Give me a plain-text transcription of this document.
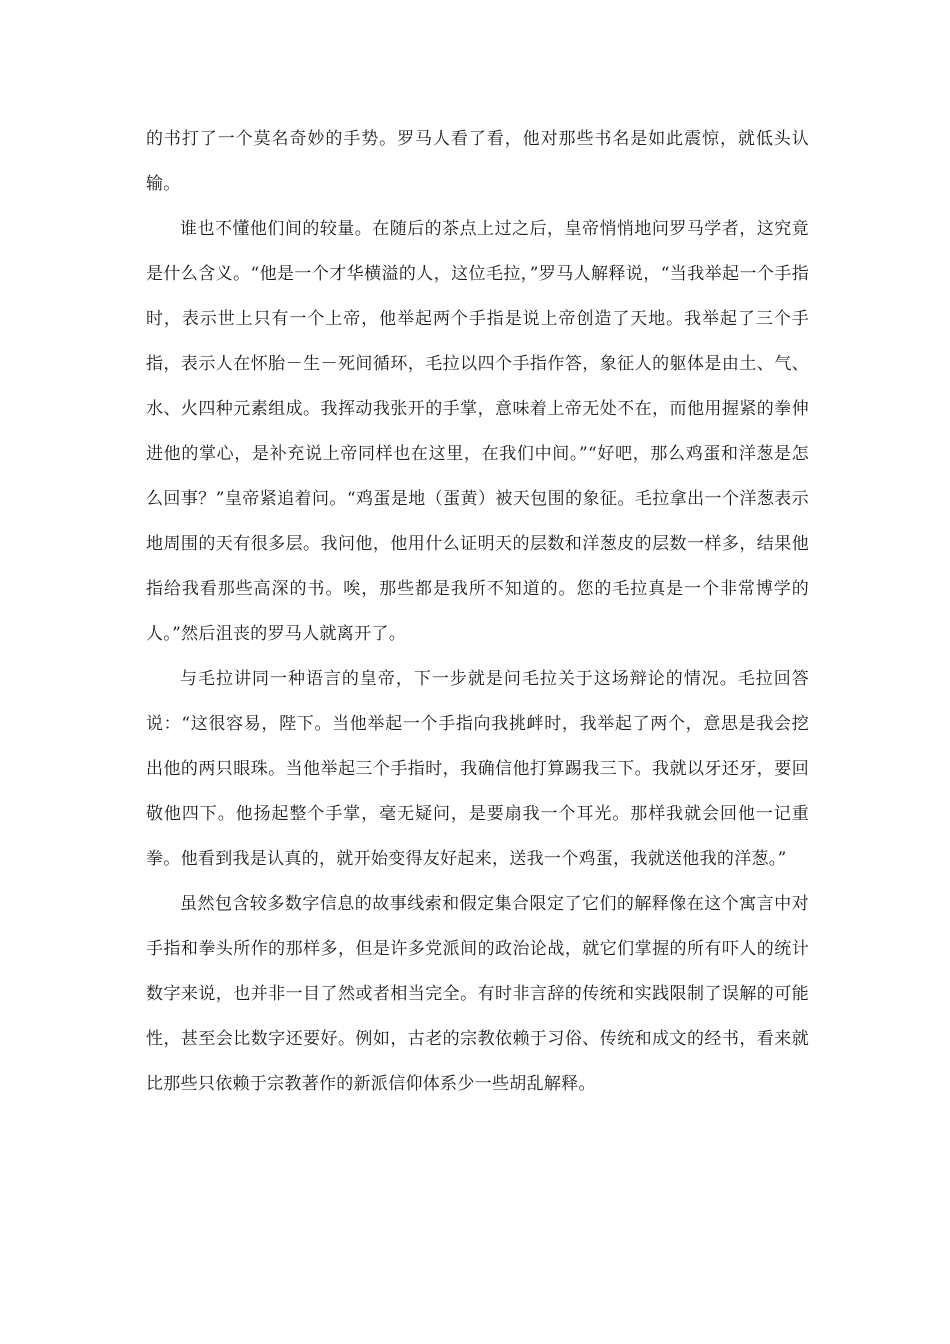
的书打了一个莫名奇妙的手势。罗马人看了看，他对那些书名是如此震惊，就低头认输。

谁也不懂他们间的较量。在随后的茶点上过之后，皇帝悄悄地问罗马学者，这究竟是什么含义。“他是一个才华横溢的人，这位毛拉，”罗马人解释说，“当我举起一个手指时，表示世上只有一个上帝，他举起两个手指是说上帝创造了天地。我举起了三个手指，表示人在怀胎－生－死间循环，毛拉以四个手指作答，象征人的躯体是由土、气、水、火四种元素组成。我挥动我张开的手掌，意味着上帝无处不在，而他用握紧的拳伸进他的掌心，是补充说上帝同样也在这里，在我们中间。”“好吧，那么鸡蛋和洋葱是怎么回事？”皇帝紧追着问。“鸡蛋是地（蛋黄）被天包围的象征。毛拉拿出一个洋葱表示地周围的天有很多层。我问他，他用什么证明天的层数和洋葱皮的层数一样多，结果他指给我看那些高深的书。唉，那些都是我所不知道的。您的毛拉真是一个非常博学的人。”然后沮丧的罗马人就离开了。

与毛拉讲同一种语言的皇帝，下一步就是问毛拉关于这场辩论的情况。毛拉回答说：“这很容易，陛下。当他举起一个手指向我挑衅时，我举起了两个，意思是我会挖出他的两只眼珠。当他举起三个手指时，我确信他打算踢我三下。我就以牙还牙，要回敬他四下。他扬起整个手掌，毫无疑问，是要扇我一个耳光。那样我就会回他一记重拳。他看到我是认真的，就开始变得友好起来，送我一个鸡蛋，我就送他我的洋葱。”

虽然包含较多数字信息的故事线索和假定集合限定了它们的解释像在这个寓言中对手指和拳头所作的那样多，但是许多党派间的政治论战，就它们掌握的所有吓人的统计数字来说，也并非一目了然或者相当完全。有时非言辞的传统和实践限制了误解的可能性，甚至会比数字还要好。例如，古老的宗教依赖于习俗、传统和成文的经书，看来就比那些只依赖于宗教著作的新派信仰体系少一些胡乱解释。
